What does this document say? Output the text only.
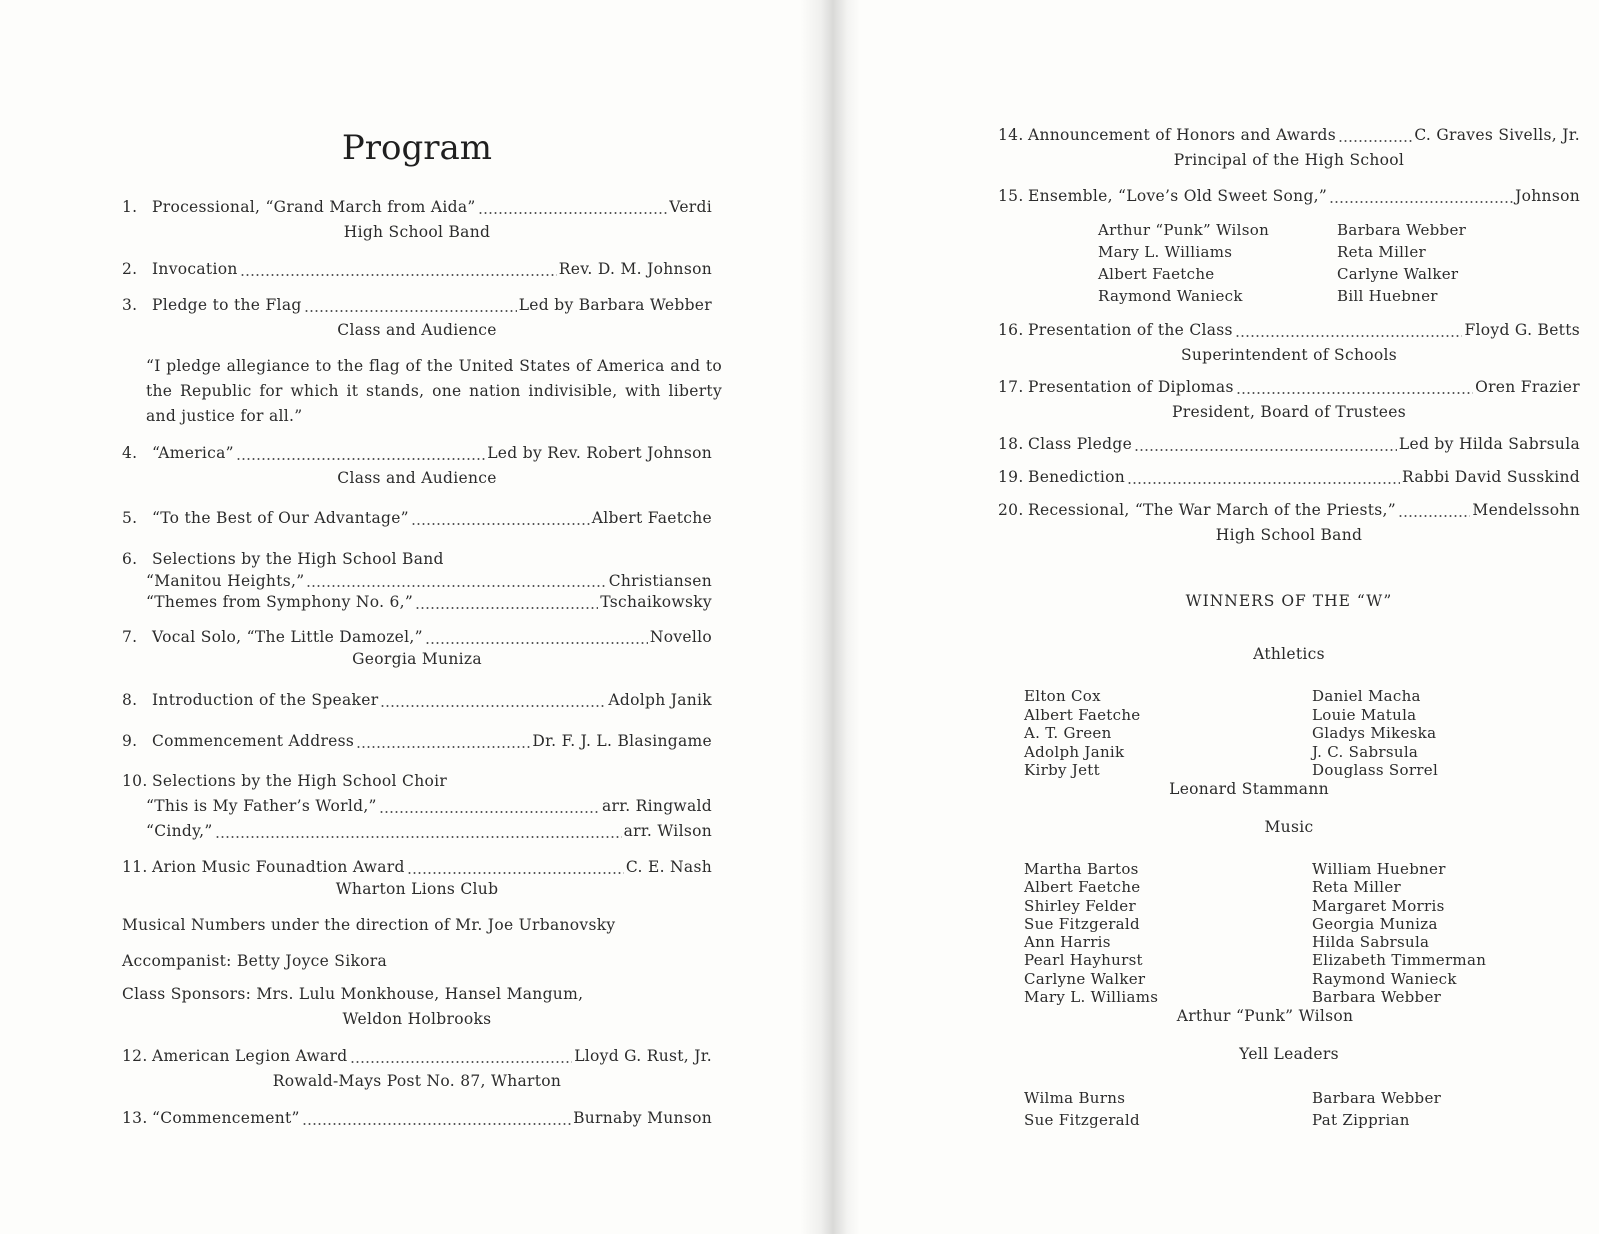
Program
1. Processional, “Grand March from Aida”	Verdi
High School Band
2. Invocation	Rev. D. M. Johnson
3. Pledge to the Flag	Led by Barbara Webber
Class and Audience
“I pledge allegiance to the flag of the United States of America and to the Republic for which it stands, one nation indivisible, with liberty and justice for all.”
4. “America”	Led by Rev. Robert Johnson
Class and Audience
5. “To the Best of Our Advantage”	Albert Faetche
6. Selections by the High School Band
“Manitou Heights,”	Christiansen
“Themes from Symphony No. 6,”	Tschaikowsky
7. Vocal Solo, “The Little Damozel,”	Novello
Georgia Muniza
8. Introduction of the Speaker	Adolph Janik
9. Commencement Address	Dr. F. J. L. Blasingame
10. Selections by the High School Choir
“This is My Father’s World,”	arr. Ringwald
“Cindy,”	arr. Wilson
11. Arion Music Founadtion Award	C. E. Nash
Wharton Lions Club
Musical Numbers under the direction of Mr. Joe Urbanovsky
Accompanist: Betty Joyce Sikora
Class Sponsors: Mrs. Lulu Monkhouse, Hansel Mangum,
Weldon Holbrooks
12. American Legion Award	Lloyd G. Rust, Jr.
Rowald-Mays Post No. 87, Wharton
13. “Commencement”	Burnaby Munson
14. Announcement of Honors and Awards	C. Graves Sivells, Jr.
Principal of the High School
15. Ensemble, “Love’s Old Sweet Song,”	Johnson
Arthur “Punk” Wilson	Barbara Webber
Mary L. Williams	Reta Miller
Albert Faetche	Carlyne Walker
Raymond Wanieck	Bill Huebner
16. Presentation of the Class	Floyd G. Betts
Superintendent of Schools
17. Presentation of Diplomas	Oren Frazier
President, Board of Trustees
18. Class Pledge	Led by Hilda Sabrsula
19. Benediction	Rabbi David Susskind
20. Recessional, “The War March of the Priests,”	Mendelssohn
High School Band
WINNERS OF THE “W”
Athletics
Elton Cox	Daniel Macha
Albert Faetche	Louie Matula
A. T. Green	Gladys Mikeska
Adolph Janik	J. C. Sabrsula
Kirby Jett	Douglass Sorrel
Leonard Stammann
Music
Martha Bartos	William Huebner
Albert Faetche	Reta Miller
Shirley Felder	Margaret Morris
Sue Fitzgerald	Georgia Muniza
Ann Harris	Hilda Sabrsula
Pearl Hayhurst	Elizabeth Timmerman
Carlyne Walker	Raymond Wanieck
Mary L. Williams	Barbara Webber
Arthur “Punk” Wilson
Yell Leaders
Wilma Burns	Barbara Webber
Sue Fitzgerald	Pat Zipprian
